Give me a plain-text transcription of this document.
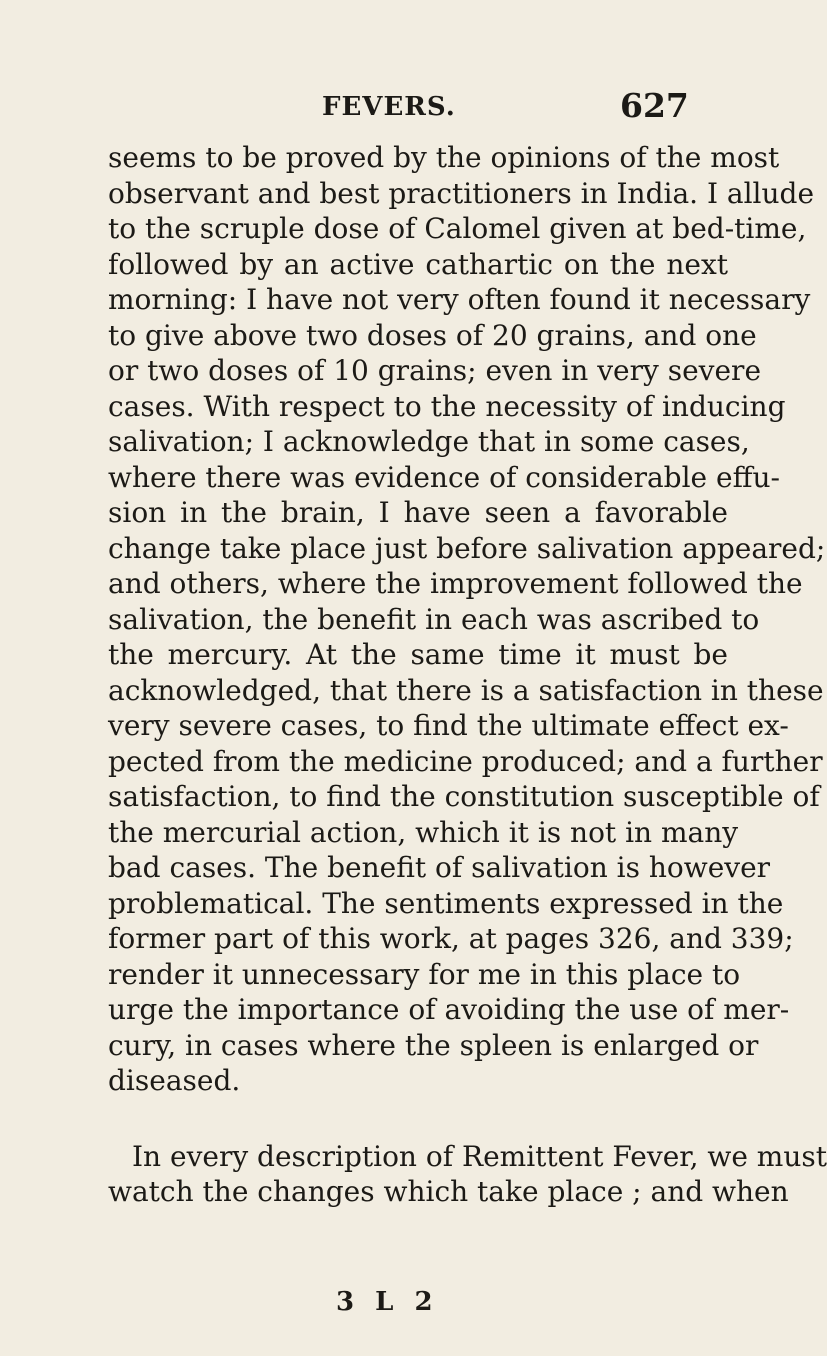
FEVERS.	627
seems to be proved by the opinions of the most
observant and best practitioners in India. I allude
to the scruple dose of Calomel given at bed-time,
followed by an active cathartic on the next
morning: I have not very often found it necessary
to give above two doses of 20 grains, and one
or two doses of 10 grains; even in very severe
cases. With respect to the necessity of inducing
salivation; I acknowledge that in some cases,
where there was evidence of considerable effu-
sion in the brain, I have seen a favorable
change take place just before salivation appeared;
and others, where the improvement followed the
salivation, the benefit in each was ascribed to
the mercury. At the same time it must be
acknowledged, that there is a satisfaction in these
very severe cases, to find the ultimate effect ex-
pected from the medicine produced; and a further
satisfaction, to find the constitution susceptible of
the mercurial action, which it is not in many
bad cases. The benefit of salivation is however
problematical. The sentiments expressed in the
former part of this work, at pages 326, and 339;
render it unnecessary for me in this place to
urge the importance of avoiding the use of mer-
cury, in cases where the spleen is enlarged or
diseased.
In every description of Remittent Fever, we must
watch the changes which take place ; and when
3 L 2
